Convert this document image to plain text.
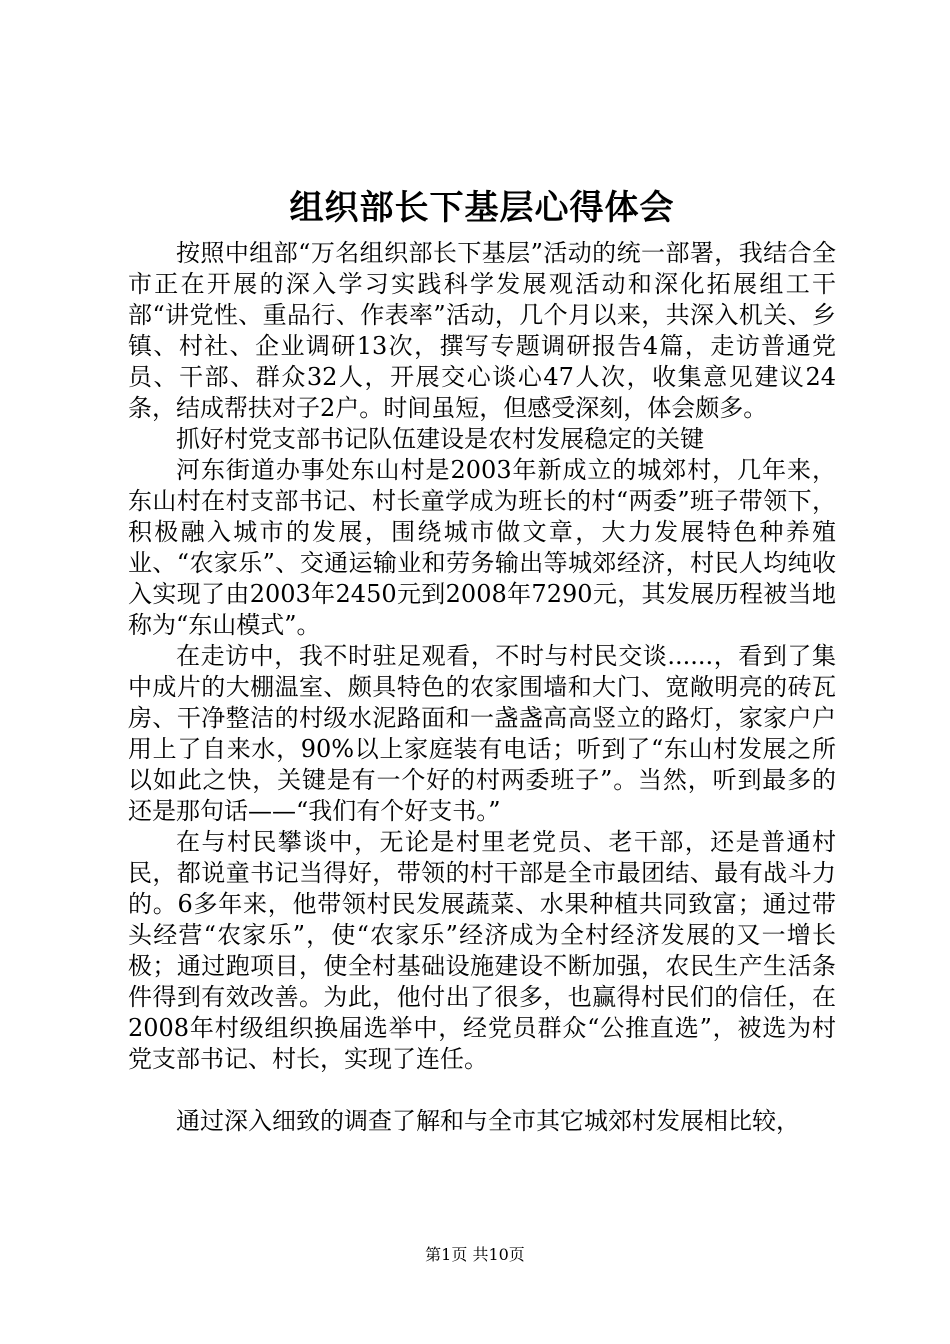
组织部长下基层心得体会

按照中组部“万名组织部长下基层”活动的统一部署，我结合全市正在开展的深入学习实践科学发展观活动和深化拓展组工干部“讲党性、重品行、作表率”活动，几个月以来，共深入机关、乡镇、村社、企业调研13次，撰写专题调研报告4篇，走访普通党员、干部、群众32人，开展交心谈心47人次，收集意见建议24条，结成帮扶对子2户。时间虽短，但感受深刻，体会颇多。

抓好村党支部书记队伍建设是农村发展稳定的关键

河东街道办事处东山村是2003年新成立的城郊村，几年来，东山村在村支部书记、村长童学成为班长的村“两委”班子带领下，积极融入城市的发展，围绕城市做文章，大力发展特色种养殖业、“农家乐”、交通运输业和劳务输出等城郊经济，村民人均纯收入实现了由2003年2450元到2008年7290元，其发展历程被当地称为“东山模式”。

在走访中，我不时驻足观看，不时与村民交谈......，看到了集中成片的大棚温室、颇具特色的农家围墙和大门、宽敞明亮的砖瓦房、干净整洁的村级水泥路面和一盏盏高高竖立的路灯，家家户户用上了自来水，90%以上家庭装有电话；听到了“东山村发展之所以如此之快，关键是有一个好的村两委班子”。当然，听到最多的还是那句话——“我们有个好支书。”

在与村民攀谈中，无论是村里老党员、老干部，还是普通村民，都说童书记当得好，带领的村干部是全市最团结、最有战斗力的。6多年来，他带领村民发展蔬菜、水果种植共同致富；通过带头经营“农家乐”，使“农家乐”经济成为全村经济发展的又一增长极；通过跑项目，使全村基础设施建设不断加强，农民生产生活条件得到有效改善。为此，他付出了很多，也赢得村民们的信任，在2008年村级组织换届选举中，经党员群众“公推直选”，被选为村党支部书记、村长，实现了连任。

通过深入细致的调查了解和与全市其它城郊村发展相比较，

第1页 共10页
